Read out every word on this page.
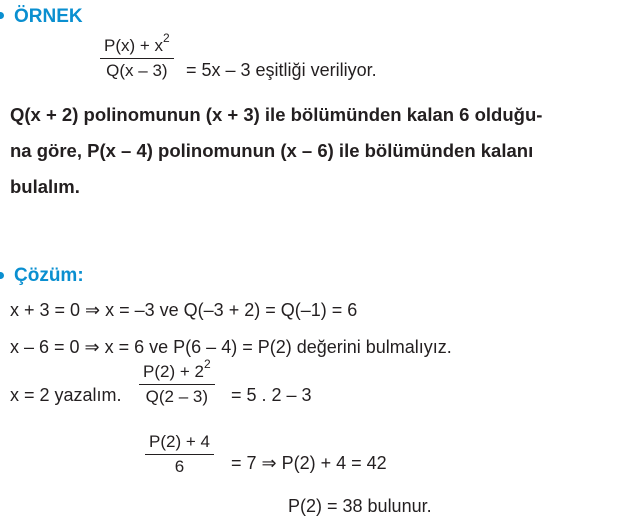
ÖRNEK
$P(x) + x^2$
Q(x – 3) = 5x – 3 eşitliği veriliyor.
Q(x + 2) polinomunun (x + 3) ile bölümünden kalan 6 olduğu-
na göre, P(x – 4) polinomunun (x – 6) ile bölümünden kalanı
bulalım.
Çözüm:
x + 3 = 0 ⇒ x = –3 ve Q(–3 + 2) = Q(–1) = 6
x – 6 = 0 ⇒ x = 6 ve P(6 – 4) = P(2) değerini bulmalıyız.
x = 2 yazalım.
$P(2) + 2^2$
Q(2 – 3) = 5 . 2 – 3
P(2) + 4
6	= 7 ⇒ P(2) + 4 = 42
P(2) = 38 bulunur.
